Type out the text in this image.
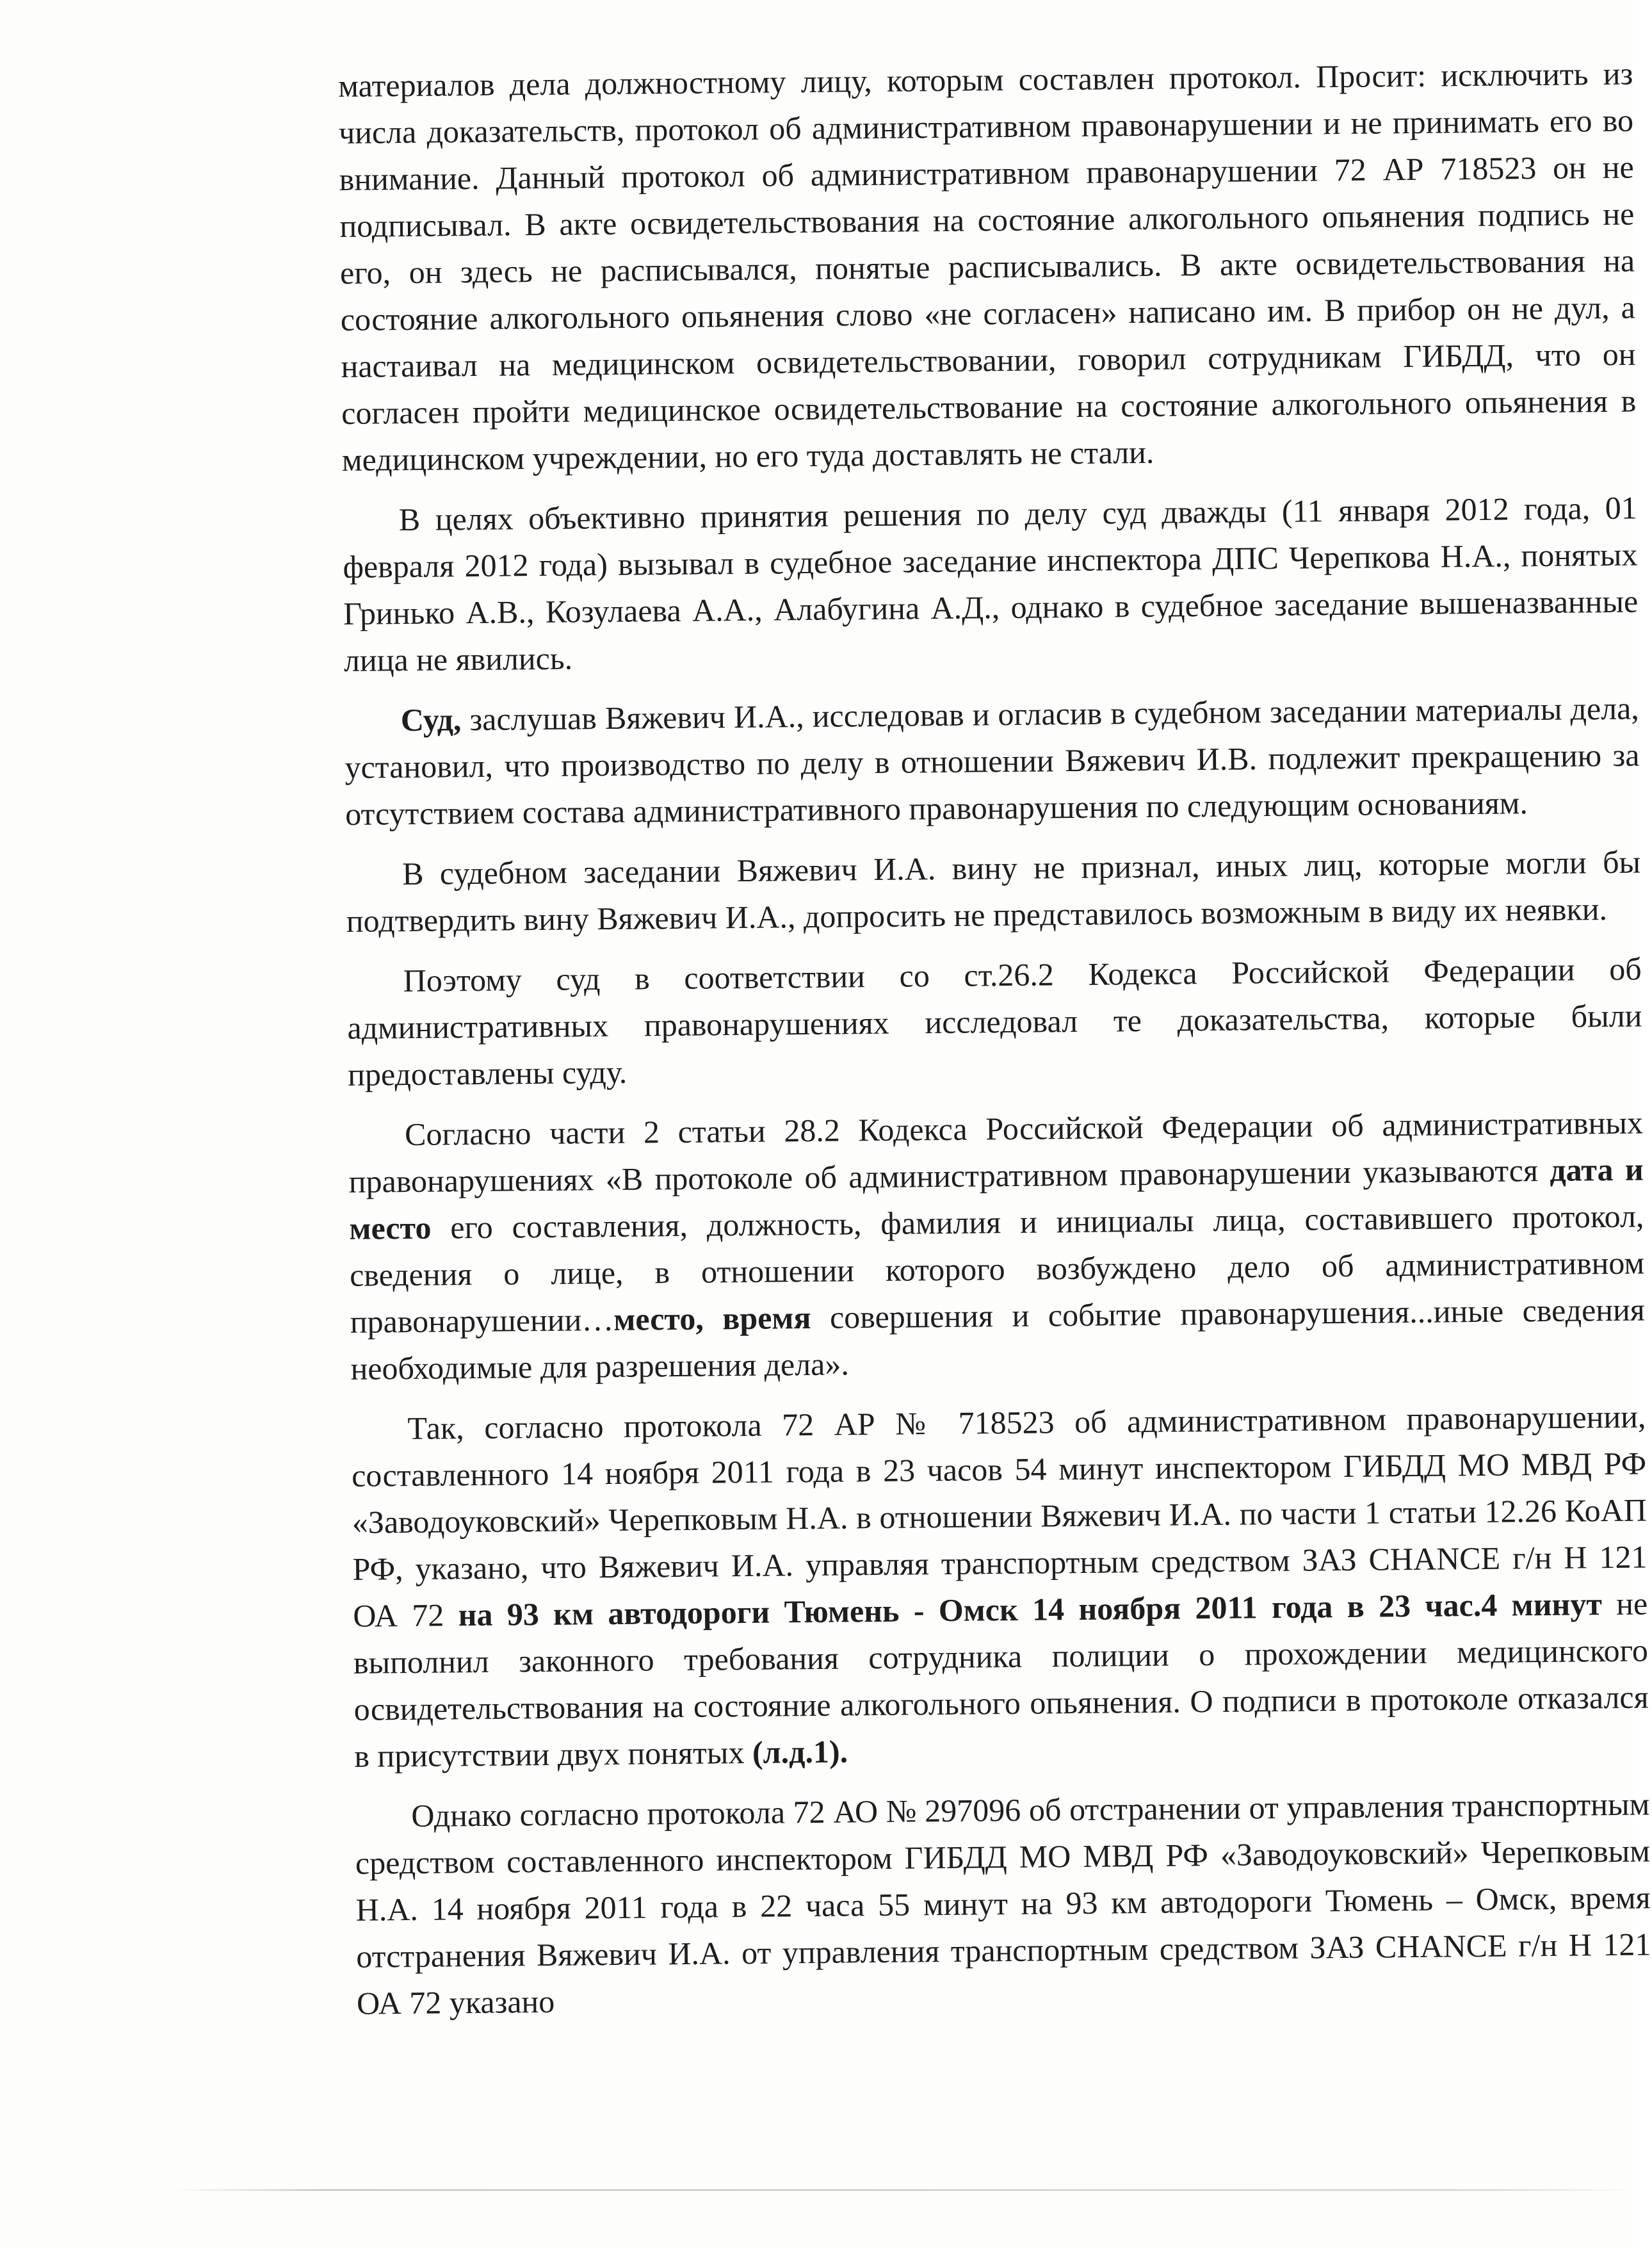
материалов дела должностному лицу, которым составлен протокол. Просит: исключить из числа доказательств, протокол об административном правонарушении и не принимать его во внимание. Данный протокол об административном правонарушении 72 АР 718523 он не подписывал. В акте освидетельствования на состояние алкогольного опьянения подпись не его, он здесь не расписывался, понятые расписывались. В акте освидетельствования на состояние алкогольного опьянения слово «не согласен» написано им. В прибор он не дул, а настаивал на медицинском освидетельствовании, говорил сотрудникам ГИБДД, что он согласен пройти медицинское освидетельствование на состояние алкогольного опьянения в медицинском учреждении, но его туда доставлять не стали.

В целях объективно принятия решения по делу суд дважды (11 января 2012 года, 01 февраля 2012 года) вызывал в судебное заседание инспектора ДПС Черепкова Н.А., понятых Гринько А.В., Козулаева А.А., Алабугина А.Д., однако в судебное заседание вышеназванные лица не явились.

Суд, заслушав Вяжевич И.А., исследовав и огласив в судебном заседании материалы дела, установил, что производство по делу в отношении Вяжевич И.В. подлежит прекращению за отсутствием состава административного правонарушения по следующим основаниям.

В судебном заседании Вяжевич И.А. вину не признал, иных лиц, которые могли бы подтвердить вину Вяжевич И.А., допросить не представилось возможным в виду их неявки.

Поэтому суд в соответствии со ст.26.2 Кодекса Российской Федерации об административных правонарушениях исследовал те доказательства, которые были предоставлены суду.

Согласно части 2 статьи 28.2 Кодекса Российской Федерации об административных правонарушениях «В протоколе об административном правонарушении указываются дата и место его составления, должность, фамилия и инициалы лица, составившего протокол, сведения о лице, в отношении которого возбуждено дело об административном правонарушении…место, время совершения и событие правонарушения...иные сведения необходимые для разрешения дела».

Так, согласно протокола 72 АР № 718523 об административном правонарушении, составленного 14 ноября 2011 года в 23 часов 54 минут инспектором ГИБДД МО МВД РФ «Заводоуковский» Черепковым Н.А. в отношении Вяжевич И.А. по части 1 статьи 12.26 КоАП РФ, указано, что Вяжевич И.А. управляя транспортным средством ЗАЗ CHANCE г/н Н 121 ОА 72 на 93 км автодороги Тюмень - Омск 14 ноября 2011 года в 23 час.4 минут не выполнил законного требования сотрудника полиции о прохождении медицинского освидетельствования на состояние алкогольного опьянения. О подписи в протоколе отказался в присутствии двух понятых (л.д.1).

Однако согласно протокола 72 АО № 297096 об отстранении от управления транспортным средством составленного инспектором ГИБДД МО МВД РФ «Заводоуковский» Черепковым Н.А. 14 ноября 2011 года в 22 часа 55 минут на 93 км автодороги Тюмень – Омск, время отстранения Вяжевич И.А. от управления транспортным средством ЗАЗ CHANCE г/н Н 121 ОА 72 указано
